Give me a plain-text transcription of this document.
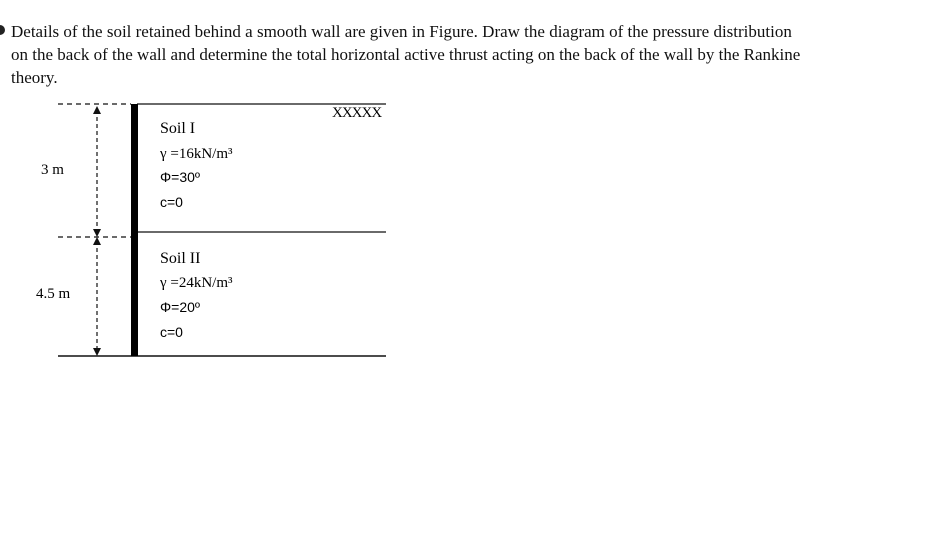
Details of the soil retained behind a smooth wall are given in Figure. Draw the diagram of the pressure distribution
on the back of the wall and determine the total horizontal active thrust acting on the back of the wall by the Rankine
theory.
XXXXX
3 m
4.5 m
Soil I
γ =16kN/m³
Φ=30º
c=0
Soil II
γ =24kN/m³
Φ=20º
c=0
